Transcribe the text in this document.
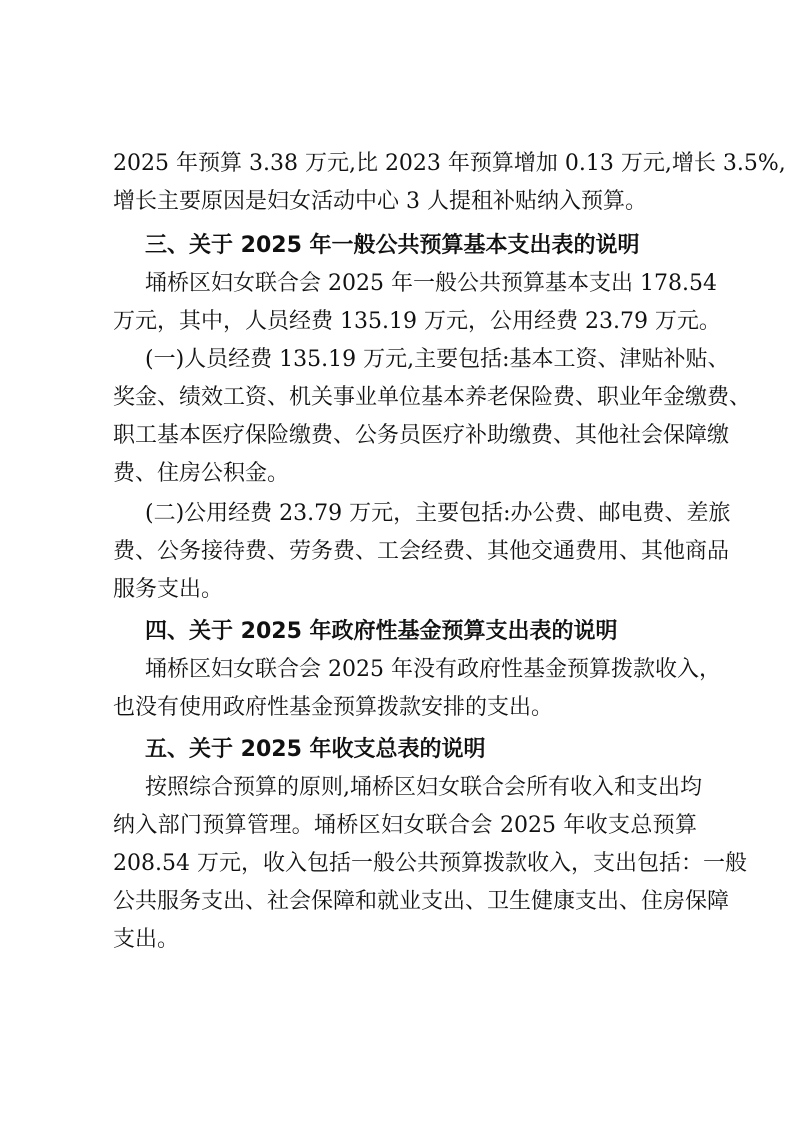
2025 年预算 3.38 万元,比 2023 年预算增加 0.13 万元,增长 3.5%,
增长主要原因是妇女活动中心 3 人提租补贴纳入预算。
三、关于 2025 年一般公共预算基本支出表的说明
埇桥区妇女联合会 2025 年一般公共预算基本支出 178.54
万元，其中，人员经费 135.19 万元，公用经费 23.79 万元。
(一)人员经费 135.19 万元,主要包括:基本工资、津贴补贴、
奖金、绩效工资、机关事业单位基本养老保险费、职业年金缴费、
职工基本医疗保险缴费、公务员医疗补助缴费、其他社会保障缴
费、住房公积金。
(二)公用经费 23.79 万元，主要包括:办公费、邮电费、差旅
费、公务接待费、劳务费、工会经费、其他交通费用、其他商品
服务支出。
四、关于 2025 年政府性基金预算支出表的说明
埇桥区妇女联合会 2025 年没有政府性基金预算拨款收入，
也没有使用政府性基金预算拨款安排的支出。
五、关于 2025 年收支总表的说明
按照综合预算的原则,埇桥区妇女联合会所有收入和支出均
纳入部门预算管理。埇桥区妇女联合会 2025 年收支总预算
208.54 万元，收入包括一般公共预算拨款收入，支出包括：一般
公共服务支出、社会保障和就业支出、卫生健康支出、住房保障
支出。
